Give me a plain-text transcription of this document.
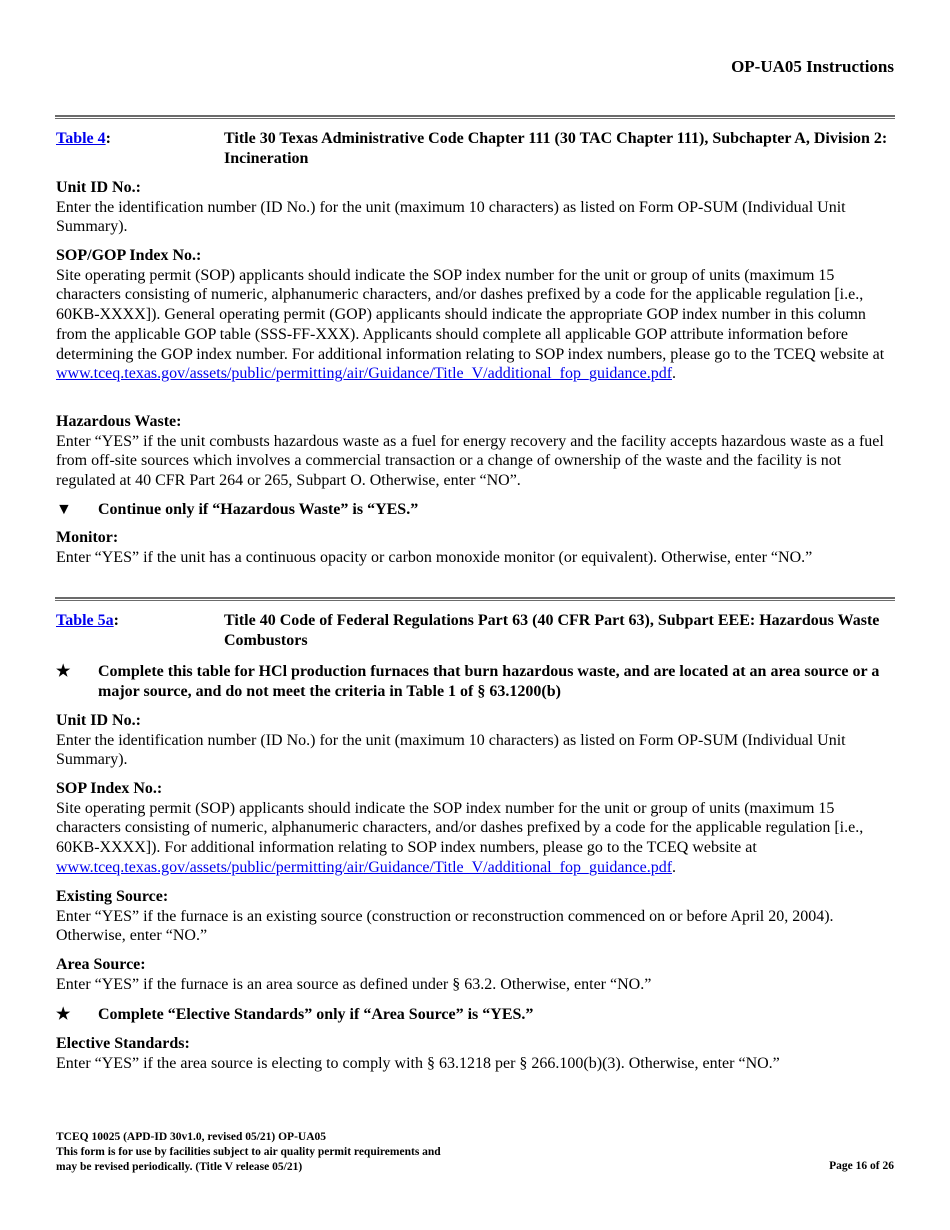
OP-UA05 Instructions
Table 4:	Title 30 Texas Administrative Code Chapter 111 (30 TAC Chapter 111), Subchapter A, Division 2: Incineration
Unit ID No.:

Enter the identification number (ID No.) for the unit (maximum 10 characters) as listed on Form OP-SUM (Individual Unit Summary).

SOP/GOP Index No.:

Site operating permit (SOP) applicants should indicate the SOP index number for the unit or group of units (maximum 15 characters consisting of numeric, alphanumeric characters, and/or dashes prefixed by a code for the applicable regulation [i.e., 60KB-XXXX]). General operating permit (GOP) applicants should indicate the appropriate GOP index number in this column from the applicable GOP table (SSS-FF-XXX). Applicants should complete all applicable GOP attribute information before determining the GOP index number. For additional information relating to SOP index numbers, please go to the TCEQ website at
www.tceq.texas.gov/assets/public/permitting/air/Guidance/Title_V/additional_fop_guidance.pdf.

Hazardous Waste:

Enter “YES” if the unit combusts hazardous waste as a fuel for energy recovery and the facility accepts hazardous waste as a fuel from off-site sources which involves a commercial transaction or a change of ownership of the waste and the facility is not regulated at 40 CFR Part 264 or 265, Subpart O. Otherwise, enter “NO”.

▼	Continue only if “Hazardous Waste” is “YES.”
Monitor:

Enter “YES” if the unit has a continuous opacity or carbon monoxide monitor (or equivalent). Otherwise, enter “NO.”

Table 5a:	Title 40 Code of Federal Regulations Part 63 (40 CFR Part 63), Subpart EEE: Hazardous Waste Combustors
★	Complete this table for HCl production furnaces that burn hazardous waste, and are located at an area source or a major source, and do not meet the criteria in Table 1 of § 63.1200(b)
Unit ID No.:

Enter the identification number (ID No.) for the unit (maximum 10 characters) as listed on Form OP-SUM (Individual Unit Summary).

SOP Index No.:

Site operating permit (SOP) applicants should indicate the SOP index number for the unit or group of units (maximum 15 characters consisting of numeric, alphanumeric characters, and/or dashes prefixed by a code for the applicable regulation [i.e., 60KB-XXXX]). For additional information relating to SOP index numbers, please go to the TCEQ website at www.tceq.texas.gov/assets/public/permitting/air/Guidance/Title_V/additional_fop_guidance.pdf.

Existing Source:

Enter “YES” if the furnace is an existing source (construction or reconstruction commenced on or before April 20, 2004). Otherwise, enter “NO.”

Area Source:

Enter “YES” if the furnace is an area source as defined under § 63.2. Otherwise, enter “NO.”

★	Complete “Elective Standards” only if “Area Source” is “YES.”
Elective Standards:

Enter “YES” if the area source is electing to comply with § 63.1218 per § 266.100(b)(3). Otherwise, enter “NO.”

TCEQ 10025 (APD-ID 30v1.0, revised 05/21) OP-UA05
This form is for use by facilities subject to air quality permit requirements and
may be revised periodically. (Title V release 05/21)	Page 16 of 26
